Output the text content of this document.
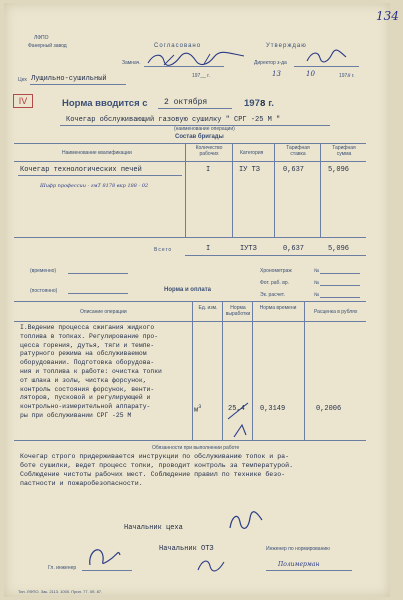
134
ЛФПО
Фанерный завод	Согласовано
Замнач.
197__ г.
Утверждаю
Директор з-да
13	10	1978 г.
Цех Лущильно-сушильный
IV	Норма вводится с 2 октября	1978 г.
Кочегар обслуживающий газовую сушилку " СРГ -25 М "
(наименование операции)
Состав бригады
Наименование квалификации
Количество рабочих	Категория
Тарифная ставка
Тарифная сумма
Кочегар технологических печей	I	IУ ТЗ	0,637	5,096
Шифр профессии - гмТ 8178 вкр 188 - 02
Всего	I	IУТЗ	0,637	5,096
(временно)
(постоянно)	Норма и оплата
Хронометраж	№
Фот. раб. вр.	№
Эк. расчет.	№
Описание операции
Ед. изм.	Норма выработки
Норма времени
Расценка в рублях
I.Ведение процесса сжигания жидкого
топлива в топках. Регулирование про-
цесса горения, дутья, тяги и темпе-
ратурного режима на обслуживаемом
оборудовании. Подготовка оборудова-
ния и топлива к работе: очистка топки
от шлака и золы, чистка форсунок,
контроль состояния форсунок, венти-
ляторов, пусковой и регулирующей и
контрольно-измерительной аппарату-
ры при обслуживании СРГ -25 М
$м^3$	25,4 0,3149	0,2006
Обязанности при выполнении работе
Кочегар строго придерживается инструкции по обслуживанию топок и ра-
боте сушилки, ведет процесс топки, проводит контроль за температурой.
Соблюдение чистоты рабочих мест. Соблюдение правил по технике безо-
пастности и пожаробезопасности.
Начальник цеха
Гл. инженер
Начальник ОТЗ	Инженер по нормированию
Полимерман
Тип. ЛФПО. Зак. 2113. 1000. Прил. 77. 0б. 87.
